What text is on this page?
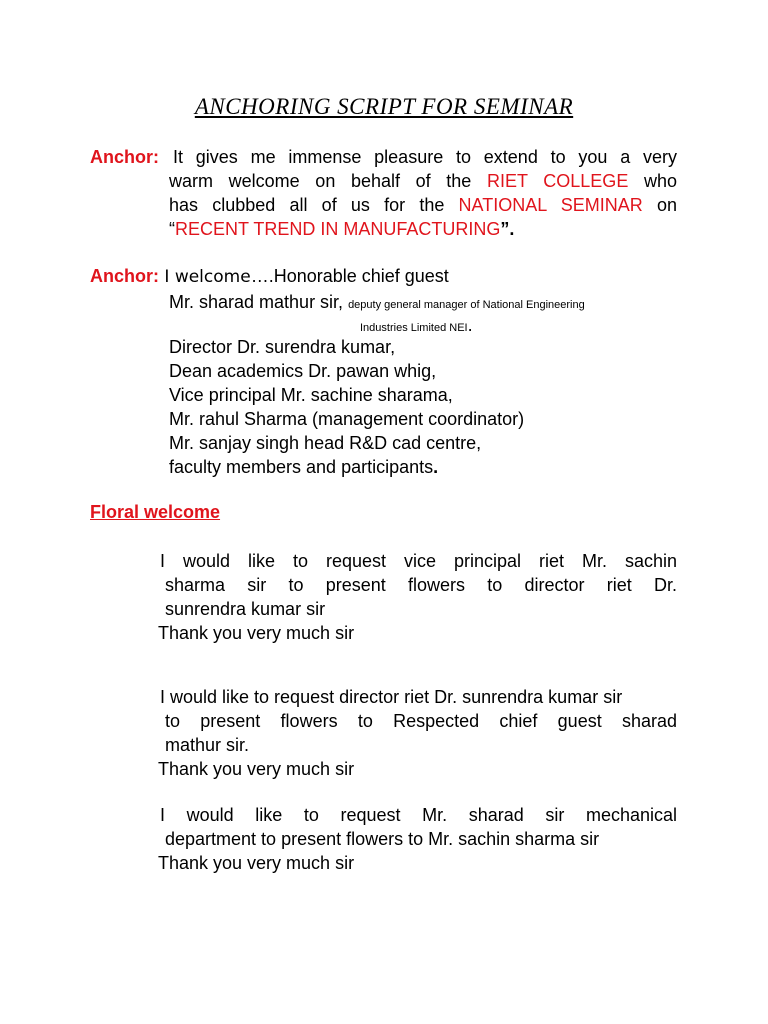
ANCHORING SCRIPT FOR SEMINAR
Anchor: It gives me immense pleasure to extend to you a very
warm welcome on behalf of the RIET COLLEGE who
has clubbed all of us for the NATIONAL SEMINAR on
“RECENT TREND IN MANUFACTURING”.
Anchor: I welcome….Honorable chief guest
Mr. sharad mathur sir, deputy general manager of National Engineering
Industries Limited NEI.
Director Dr. surendra kumar,
Dean academics Dr. pawan whig,
Vice principal Mr. sachine sharama,
Mr. rahul Sharma (management coordinator)
Mr. sanjay singh head R&D cad centre,
faculty members and participants.
Floral welcome
I would like to request vice principal riet Mr. sachin
sharma sir to present flowers to director riet Dr.
sunrendra kumar sir
Thank you very much sir
I would like to request director riet Dr. sunrendra kumar sir
to present flowers to Respected chief guest sharad
mathur sir.
Thank you very much sir
I would like to request Mr. sharad sir mechanical
department to present flowers to Mr. sachin sharma sir
Thank you very much sir
